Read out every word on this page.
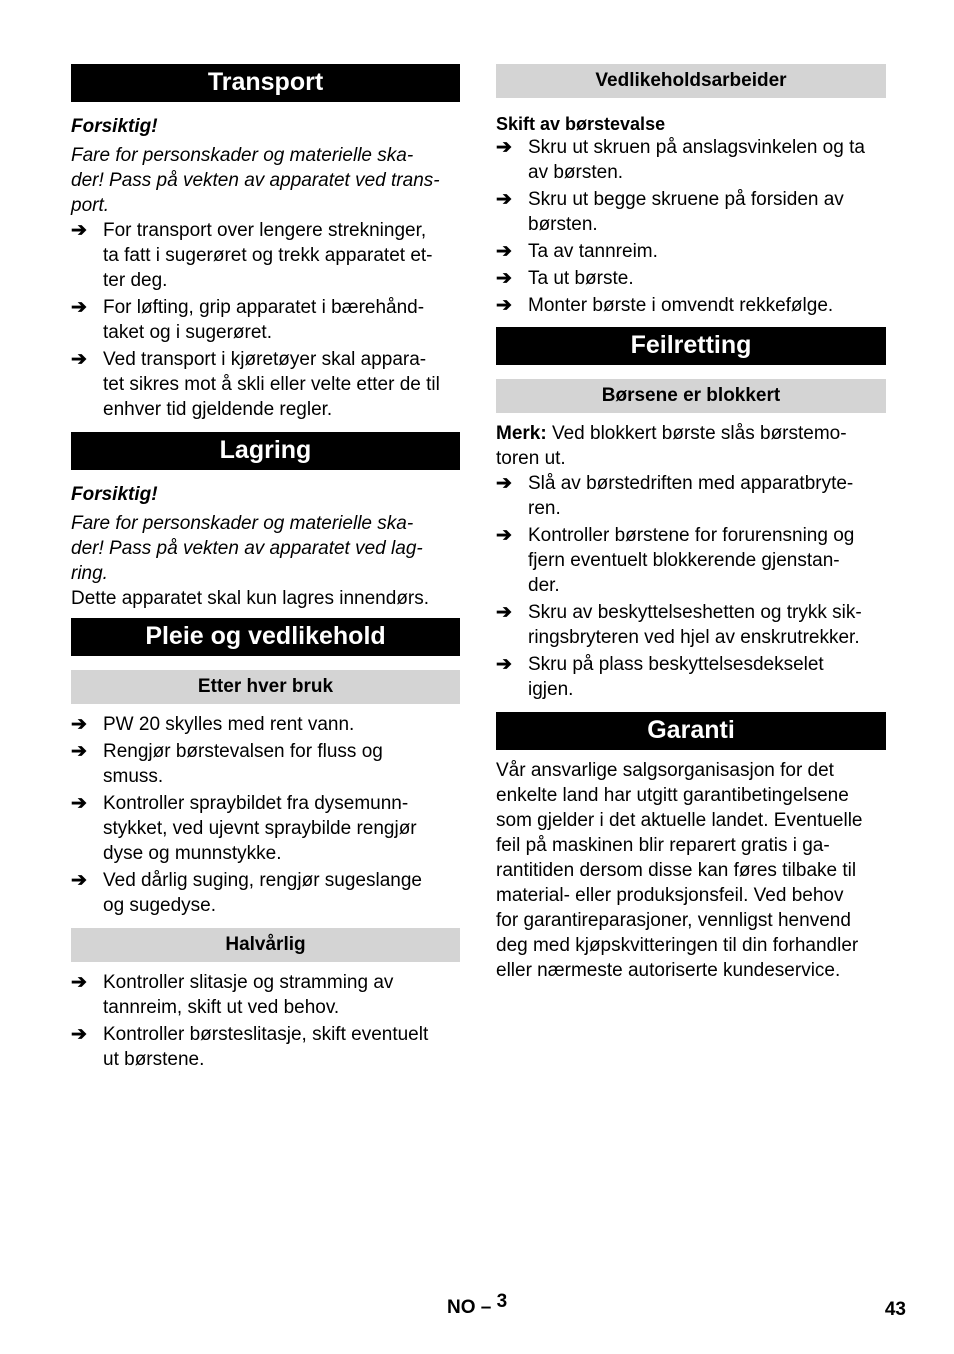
Transport
Forsiktig!
Fare for personskader og materielle ska-
der! Pass på vekten av apparatet ved trans-
port.
➔ For transport over lengere strekninger,
ta fatt i sugerøret og trekk apparatet et-
ter deg.
➔ For løfting, grip apparatet i bærehånd-
taket og i sugerøret.
➔ Ved transport i kjøretøyer skal appara-
tet sikres mot å skli eller velte etter de til
enhver tid gjeldende regler.
Lagring
Forsiktig!
Fare for personskader og materielle ska-
der! Pass på vekten av apparatet ved lag-
ring.

Dette apparatet skal kun lagres innendørs.

Pleie og vedlikehold
Etter hver bruk
➔ PW 20 skylles med rent vann.
➔ Rengjør børstevalsen for fluss og
smuss.
➔ Kontroller spraybildet fra dysemunn-
stykket, ved ujevnt spraybilde rengjør
dyse og munnstykke.
➔ Ved dårlig suging, rengjør sugeslange
og sugedyse.
Halvårlig
➔ Kontroller slitasje og stramming av
tannreim, skift ut ved behov.
➔ Kontroller børsteslitasje, skift eventuelt
ut børstene.
Vedlikeholdsarbeider
Skift av børstevalse
➔ Skru ut skruen på anslagsvinkelen og ta
av børsten.
➔ Skru ut begge skruene på forsiden av
børsten.
➔ Ta av tannreim.
➔ Ta ut børste.
➔ Monter børste i omvendt rekkefølge.
Feilretting
Børsene er blokkert
Merk: Ved blokkert børste slås børstemo-
toren ut.
➔ Slå av børstedriften med apparatbryte-
ren.
➔ Kontroller børstene for forurensning og
fjern eventuelt blokkerende gjenstan-
der.
➔ Skru av beskyttelseshetten og trykk sik-
ringsbryteren ved hjel av enskrutrekker.
➔ Skru på plass beskyttelsesdekselet
igjen.
Garanti
Vår ansvarlige salgsorganisasjon for det
enkelte land har utgitt garantibetingelsene
som gjelder i det aktuelle landet. Eventuelle
feil på maskinen blir reparert gratis i ga-
rantitiden dersom disse kan føres tilbake til
material- eller produksjonsfeil. Ved behov
for garantireparasjoner, vennligst henvend
deg med kjøpskvitteringen til din forhandler
eller nærmeste autoriserte kundeservice.
NO – 3	43
